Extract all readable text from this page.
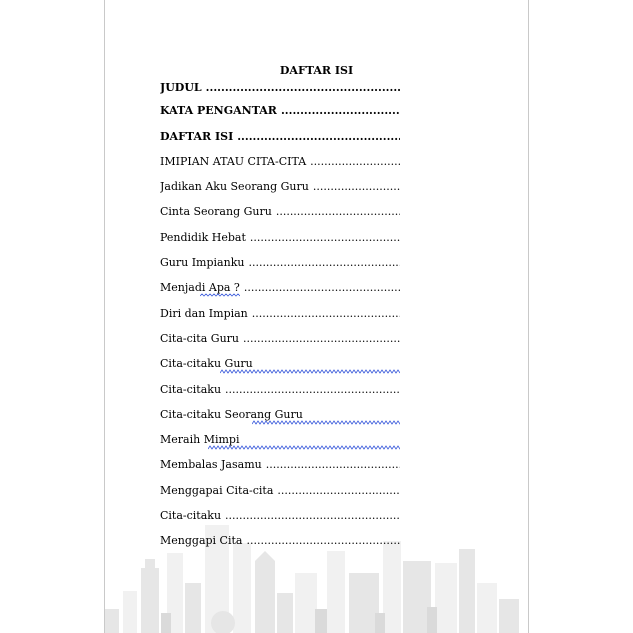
DAFTAR ISI
JUDUL
.....
KATA PENGANTAR
.....
DAFTAR ISI
.....
IMIPIAN ATAU CITA-CITA
.....
Jadikan Aku Seorang Guru
.....
Cinta Seorang Guru
.....
Pendidik Hebat
.....
Guru Impianku
.....
Menjadi Apa ?
.....
Diri dan Impian
.....
Cita-cita Guru
.....
Cita-citaku Guru
Cita-citaku
.....
Cita-citaku Seorang Guru
Meraih Mimpi
Membalas Jasamu
.....
Menggapai Cita-cita
.....
Cita-citaku
.....
Menggapi Cita
.....
